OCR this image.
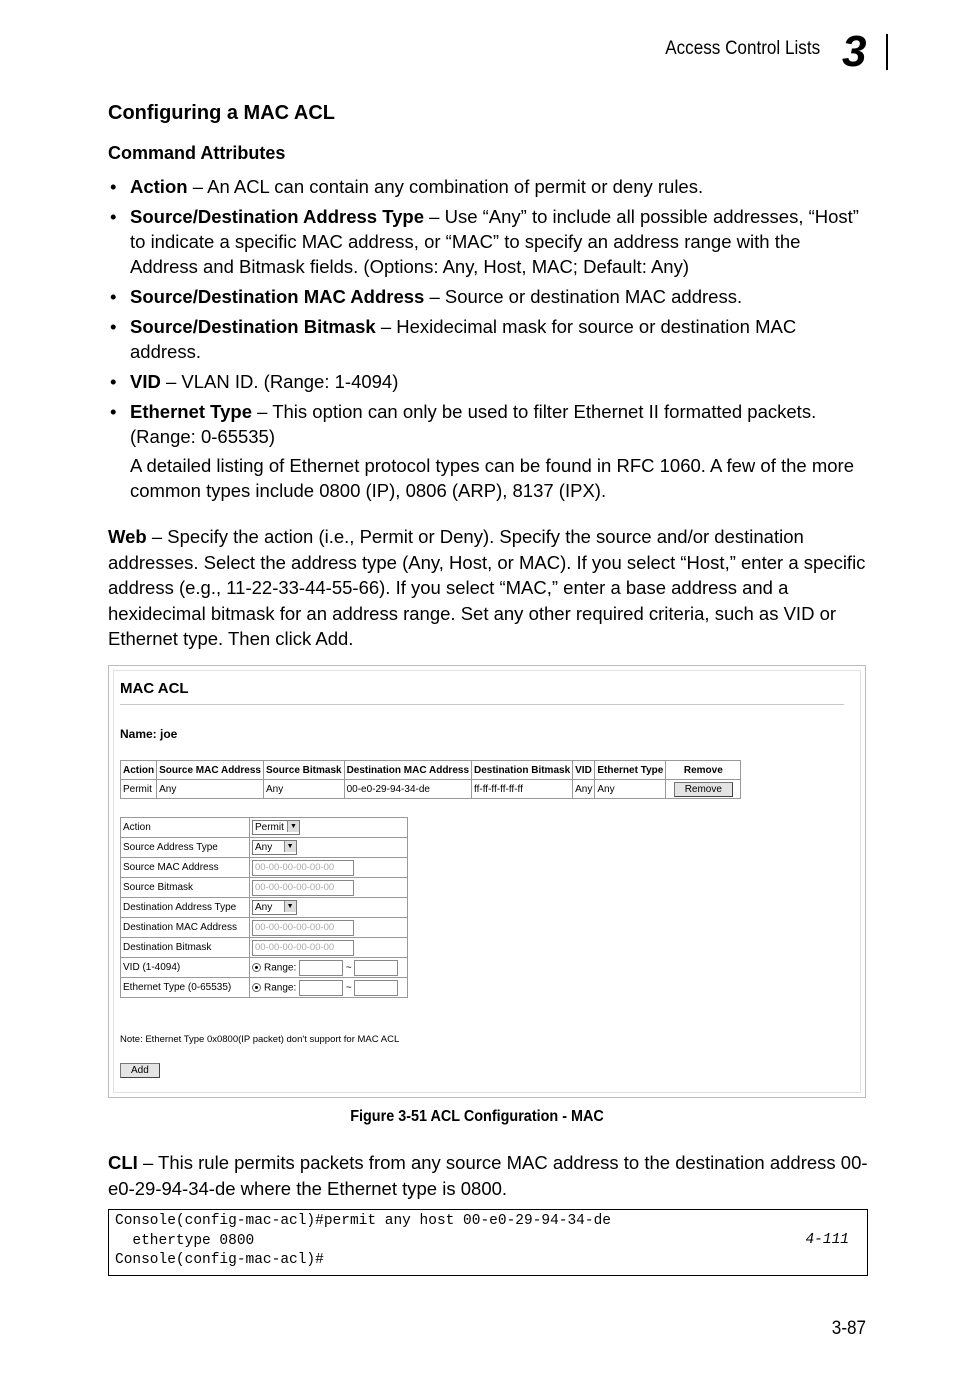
Access Control Lists 3
Configuring a MAC ACL
Command Attributes
• Action – An ACL can contain any combination of permit or deny rules.
• Source/Destination Address Type – Use “Any” to include all possible addresses, “Host” to indicate a specific MAC address, or “MAC” to specify an address range with the Address and Bitmask fields. (Options: Any, Host, MAC; Default: Any)
• Source/Destination MAC Address – Source or destination MAC address.
• Source/Destination Bitmask – Hexidecimal mask for source or destination MAC address.
• VID – VLAN ID. (Range: 1-4094)
• Ethernet Type – This option can only be used to filter Ethernet II formatted packets. (Range: 0-65535)
A detailed listing of Ethernet protocol types can be found in RFC 1060. A few of the more common types include 0800 (IP), 0806 (ARP), 8137 (IPX).
Web – Specify the action (i.e., Permit or Deny). Specify the source and/or destination addresses. Select the address type (Any, Host, or MAC). If you select “Host,” enter a specific address (e.g., 11-22-33-44-55-66). If you select “MAC,” enter a base address and a hexidecimal bitmask for an address range. Set any other required criteria, such as VID or Ethernet type. Then click Add.
MAC ACL
Name: joe
Action	Source MAC Address	Source Bitmask	Destination MAC Address	Destination Bitmask	VID	Ethernet Type	Remove
Permit	Any	Any	00-e0-29-94-34-de	ff-ff-ff-ff-ff-ff	Any	Any	Remove
Action	Permit ▼
Source Address Type	Any ▼
Source MAC Address	00-00-00-00-00-00
Source Bitmask	00-00-00-00-00-00
Destination Address Type	Any ▼
Destination MAC Address	00-00-00-00-00-00
Destination Bitmask	00-00-00-00-00-00
VID (1-4094)	Range: ~
Ethernet Type (0-65535)	Range: ~
Note: Ethernet Type 0x0800(IP packet) don't support for MAC ACL
Add
Figure 3-51 ACL Configuration - MAC
CLI – This rule permits packets from any source MAC address to the destination address 00-e0-29-94-34-de where the Ethernet type is 0800.
Console(config-mac-acl)#permit any host 00-e0-29-94-34-de
ethertype 0800
Console(config-mac-acl)#
4-111
3-87
